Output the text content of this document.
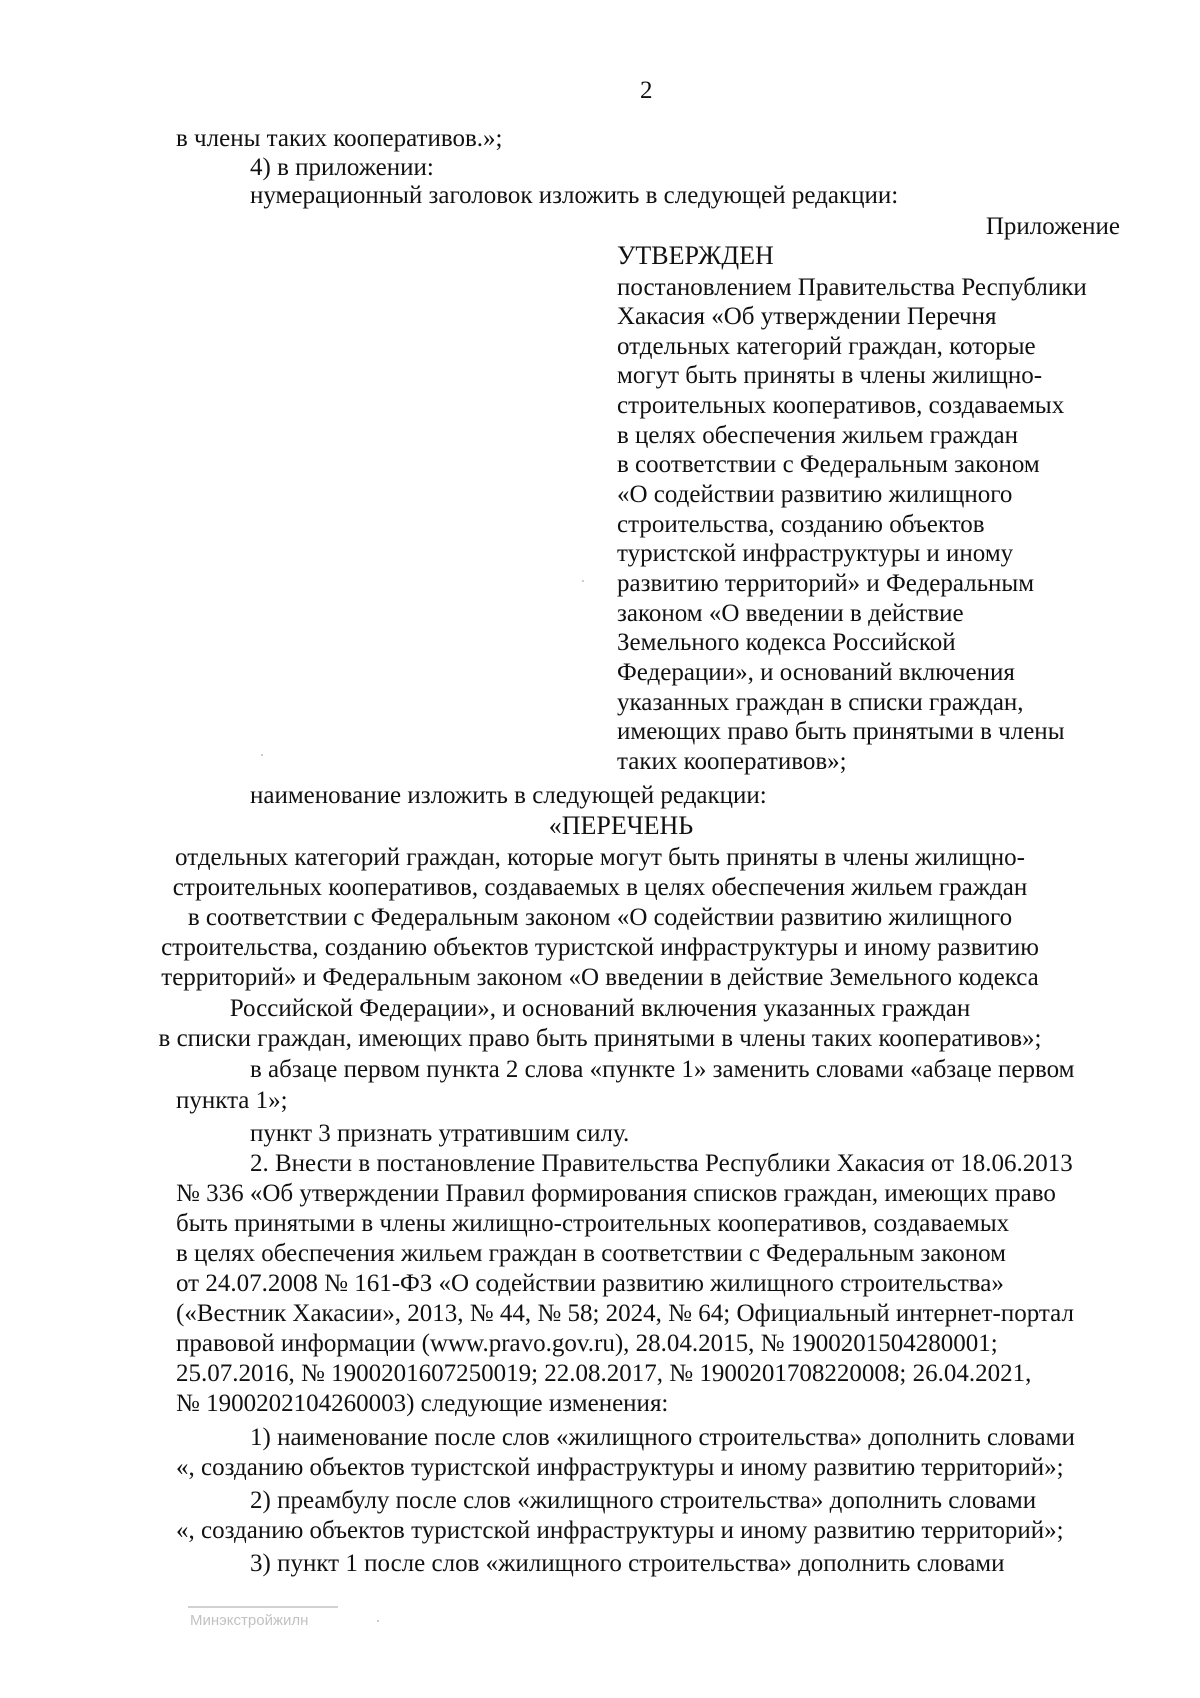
2
в члены таких кооперативов.»;
4) в приложении:
нумерационный заголовок изложить в следующей редакции:
Приложение
УТВЕРЖДЕН
постановлением Правительства Республики
Хакасия «Об утверждении Перечня
отдельных категорий граждан, которые
могут быть приняты в члены жилищно-
строительных кооперативов, создаваемых
в целях обеспечения жильем граждан
в соответствии с Федеральным законом
«О содействии развитию жилищного
строительства, созданию объектов
туристской инфраструктуры и иному
развитию территорий» и Федеральным
законом «О введении в действие
Земельного кодекса Российской
Федерации», и оснований включения
указанных граждан в списки граждан,
имеющих право быть принятыми в члены
таких кооперативов»;
наименование изложить в следующей редакции:
«ПЕРЕЧЕНЬ
отдельных категорий граждан, которые могут быть приняты в члены жилищно-
строительных кооперативов, создаваемых в целях обеспечения жильем граждан
в соответствии с Федеральным законом «О содействии развитию жилищного
строительства, созданию объектов туристской инфраструктуры и иному развитию
территорий» и Федеральным законом «О введении в действие Земельного кодекса
Российской Федерации», и оснований включения указанных граждан
в списки граждан, имеющих право быть принятыми в члены таких кооперативов»;
в абзаце первом пункта 2 слова «пункте 1» заменить словами «абзаце первом
пункта 1»;
пункт 3 признать утратившим силу.
2. Внести в постановление Правительства Республики Хакасия от 18.06.2013
№ 336 «Об утверждении Правил формирования списков граждан, имеющих право
быть принятыми в члены жилищно-строительных кооперативов, создаваемых
в целях обеспечения жильем граждан в соответствии с Федеральным законом
от 24.07.2008 № 161-ФЗ «О содействии развитию жилищного строительства»
(«Вестник Хакасии», 2013, № 44, № 58; 2024, № 64; Официальный интернет-портал
правовой информации (www.pravo.gov.ru), 28.04.2015, № 1900201504280001;
25.07.2016, № 1900201607250019; 22.08.2017, № 1900201708220008; 26.04.2021,
№ 1900202104260003) следующие изменения:
1) наименование после слов «жилищного строительства» дополнить словами
«, созданию объектов туристской инфраструктуры и иному развитию территорий»;
2) преамбулу после слов «жилищного строительства» дополнить словами
«, созданию объектов туристской инфраструктуры и иному развитию территорий»;
3) пункт 1 после слов «жилищного строительства» дополнить словами
Минэкстройжилн
